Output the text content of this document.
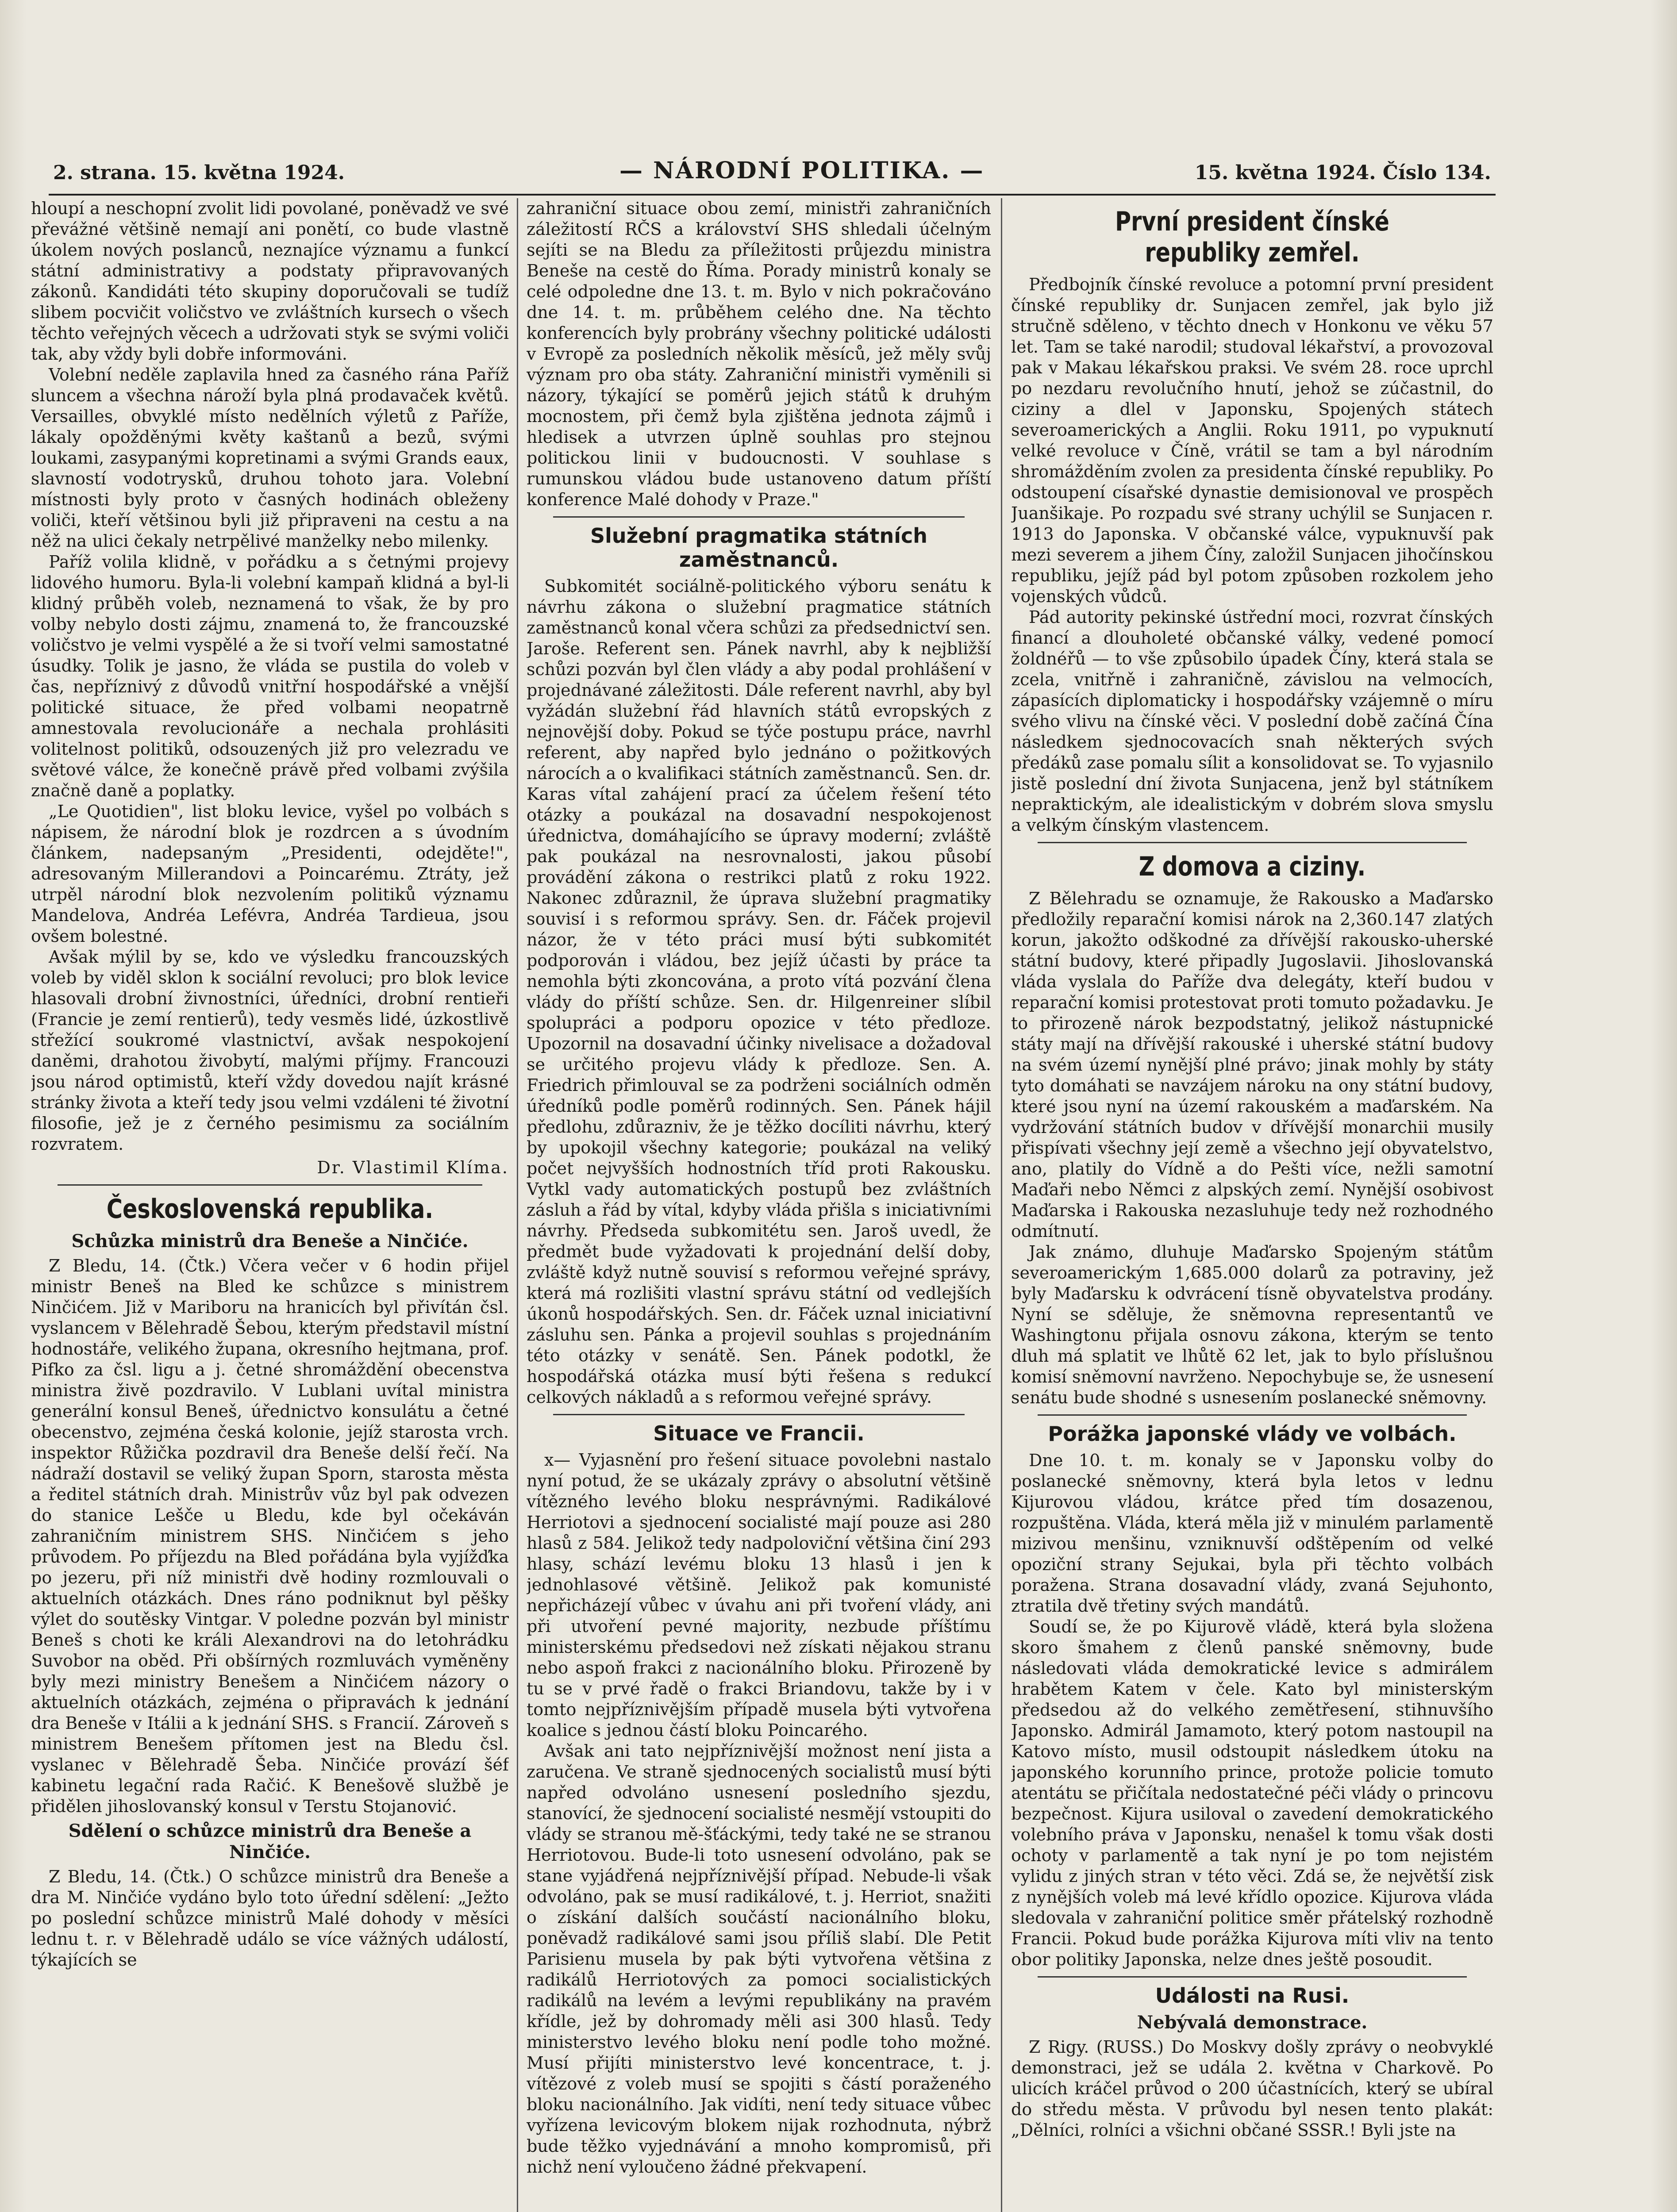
2. strana. 15. května 1924.	— NÁRODNÍ POLITIKA. —	15. května 1924. Číslo 134.

hloupí a neschopní zvolit lidi povolané, poněvadž ve své převážné většině nemají ani ponětí, co bude vlastně úkolem nových poslanců, neznajíce významu a funkcí státní administrativy a podstaty připravovaných zákonů. Kandidáti této skupiny doporučovali se tudíž slibem pocvičit voličstvo ve zvláštních kursech o všech těchto veřejných věcech a udržovati styk se svými voliči tak, aby vždy byli dobře informováni.

Volební neděle zaplavila hned za časného rána Paříž sluncem a všechna nároží byla plná prodavaček květů. Versailles, obvyklé místo nedělních výletů z Paříže, lákaly opožděnými květy kaštanů a bezů, svými loukami, zasypanými kopretinami a svými Grands eaux, slavností vodotrysků, druhou tohoto jara. Volební místnosti byly proto v časných hodinách obleženy voliči, kteří většinou byli již připraveni na cestu a na něž na ulici čekaly netrpělivé manželky nebo milenky.

Paříž volila klidně, v pořádku a s četnými projevy lidového humoru. Byla-li volební kampaň klidná a byl-li klidný průběh voleb, neznamená to však, že by pro volby nebylo dosti zájmu, znamená to, že francouzské voličstvo je velmi vyspělé a že si tvoří velmi samostatné úsudky. Tolik je jasno, že vláda se pustila do voleb v čas, nepříznivý z důvodů vnitřní hospodářské a vnější politické situace, že před volbami neopatrně amnestovala revolucionáře a nechala prohlásiti volitelnost politiků, odsouzených již pro velezradu ve světové válce, že konečně právě před volbami zvýšila značně daně a poplatky.

„Le Quotidien", list bloku levice, vyšel po volbách s nápisem, že národní blok je rozdrcen a s úvodním článkem, nadepsaným „Presidenti, odejděte!", adresovaným Millerandovi a Poincarému. Ztráty, jež utrpěl národní blok nezvolením politiků významu Mandelova, Andréa Lefévra, Andréa Tardieua, jsou ovšem bolestné.

Avšak mýlil by se, kdo ve výsledku francouzských voleb by viděl sklon k sociální revoluci; pro blok levice hlasovali drobní živnostníci, úředníci, drobní rentieři (Francie je zemí rentierů), tedy vesměs lidé, úzkostlivě střežící soukromé vlastnictví, avšak nespokojení daněmi, drahotou živobytí, malými příjmy. Francouzi jsou národ optimistů, kteří vždy dovedou najít krásné stránky života a kteří tedy jsou velmi vzdáleni té životní filosofie, jež je z černého pesimismu za sociálním rozvratem.

Dr. Vlastimil Klíma.
Československá republika.
Schůzka ministrů dra Beneše a Ninčiće.

Z Bledu, 14. (Čtk.) Včera večer v 6 hodin přijel ministr Beneš na Bled ke schůzce s ministrem Ninčićem. Již v Mariboru na hranicích byl přivítán čsl. vyslancem v Bělehradě Šebou, kterým představil místní hodnostáře, velikého župana, okresního hejtmana, prof. Pifko za čsl. ligu a j. četné shromáždění obecenstva ministra živě pozdravilo. V Lublani uvítal ministra generální konsul Beneš, úřednictvo konsulátu a četné obecenstvo, zejména česká kolonie, jejíž starosta vrch. inspektor Růžička pozdravil dra Beneše delší řečí. Na nádraží dostavil se veliký župan Sporn, starosta města a ředitel státních drah. Ministrův vůz byl pak odvezen do stanice Lešče u Bledu, kde byl očekáván zahraničním ministrem SHS. Ninčićem s jeho průvodem. Po příjezdu na Bled pořádána byla vyjížďka po jezeru, při níž ministři dvě hodiny rozmlouvali o aktuelních otázkách. Dnes ráno podniknut byl pěšky výlet do soutěsky Vintgar. V poledne pozván byl ministr Beneš s choti ke králi Alexandrovi na do letohrádku Suvobor na oběd. Při obšírných rozmluvách vyměněny byly mezi ministry Benešem a Ninčićem názory o aktuelních otázkách, zejména o připravách k jednání dra Beneše v Itálii a k jednání SHS. s Francií. Zároveň s ministrem Benešem přítomen jest na Bledu čsl. vyslanec v Bělehradě Šeba. Ninčiće provází šéf kabinetu legační rada Račić. K Benešově službě je přidělen jihoslovanský konsul v Terstu Stojanović.

Sdělení o schůzce ministrů dra Beneše a Ninčiće.

Z Bledu, 14. (Čtk.) O schůzce ministrů dra Beneše a dra M. Ninčiće vydáno bylo toto úřední sdělení: „Ježto po poslední schůzce ministrů Malé dohody v měsíci lednu t. r. v Bělehradě událo se více vážných událostí, týkajících se

zahraniční situace obou zemí, ministři zahraničních záležitostí RČS a království SHS shledali účelným sejíti se na Bledu za příležitosti průjezdu ministra Beneše na cestě do Říma. Porady ministrů konaly se celé odpoledne dne 13. t. m. Bylo v nich pokračováno dne 14. t. m. průběhem celého dne. Na těchto konferencích byly probrány všechny politické události v Evropě za posledních několik měsíců, jež měly svůj význam pro oba státy. Zahraniční ministři vyměnili si názory, týkající se poměrů jejich států k druhým mocnostem, při čemž byla zjištěna jednota zájmů i hledisek a utvrzen úplně souhlas pro stejnou politickou linii v budoucnosti. V souhlase s rumunskou vládou bude ustanoveno datum příští konference Malé dohody v Praze."

Služební pragmatika státních zaměstnanců.

Subkomitét sociálně-politického výboru senátu k návrhu zákona o služební pragmatice státních zaměstnanců konal včera schůzi za předsednictví sen. Jaroše. Referent sen. Pánek navrhl, aby k nejbližší schůzi pozván byl člen vlády a aby podal prohlášení v projednávané záležitosti. Dále referent navrhl, aby byl vyžádán služební řád hlavních států evropských z nejnovější doby. Pokud se týče postupu práce, navrhl referent, aby napřed bylo jednáno o požitkových nárocích a o kvalifikaci státních zaměstnanců. Sen. dr. Karas vítal zahájení prací za účelem řešení této otázky a poukázal na dosavadní nespokojenost úřednictva, domáhajícího se úpravy moderní; zvláště pak poukázal na nesrovnalosti, jakou působí provádění zákona o restrikci platů z roku 1922. Nakonec zdůraznil, že úprava služební pragmatiky souvisí i s reformou správy. Sen. dr. Fáček projevil názor, že v této práci musí býti subkomitét podporován i vládou, bez jejíž účasti by práce ta nemohla býti zkoncována, a proto vítá pozvání člena vlády do příští schůze. Sen. dr. Hilgenreiner slíbil spolupráci a podporu opozice v této předloze. Upozornil na dosavadní účinky nivelisace a dožadoval se určitého projevu vlády k předloze. Sen. A. Friedrich přimlouval se za podrženi sociálních odměn úředníků podle poměrů rodinných. Sen. Pánek hájil předlohu, zdůrazniv, že je těžko docíliti návrhu, který by upokojil všechny kategorie; poukázal na veliký počet nejvyšších hodnostních tříd proti Rakousku. Vytkl vady automatických postupů bez zvláštních zásluh a řád by vítal, kdyby vláda přišla s iniciativními návrhy. Předseda subkomitétu sen. Jaroš uvedl, že předmět bude vyžadovati k projednání delší doby, zvláště když nutně souvisí s reformou veřejné správy, která má rozlišiti vlastní správu státní od vedlejších úkonů hospodářských. Sen. dr. Fáček uznal iniciativní zásluhu sen. Pánka a projevil souhlas s projednáním této otázky v senátě. Sen. Pánek podotkl, že hospodářská otázka musí býti řešena s redukcí celkových nákladů a s reformou veřejné správy.

Situace ve Francii.

x— Vyjasnění pro řešení situace povolebni nastalo nyní potud, že se ukázaly zprávy o absolutní většině vítězného levého bloku nesprávnými. Radikálové Herriotovi a sjednocení socialisté mají pouze asi 280 hlasů z 584. Jelikož tedy nadpoloviční většina činí 293 hlasy, schází levému bloku 13 hlasů i jen k jednohlasové většině. Jelikož pak komunisté nepřicházejí vůbec v úvahu ani při tvoření vlády, ani při utvoření pevné majority, nezbude příštímu ministerskému předsedovi než získati nějakou stranu nebo aspoň frakci z nacionálního bloku. Přirozeně by tu se v prvé řadě o frakci Briandovu, takže by i v tomto nejpříznivějším případě musela býti vytvořena koalice s jednou částí bloku Poincarého.

Avšak ani tato nejpříznivější možnost není jista a zaručena. Ve straně sjednocených socialistů musí býti napřed odvoláno usnesení posledního sjezdu, stanovící, že sjednocení socialisté nesmějí vstoupiti do vlády se stranou mě-šťáckými, tedy také ne se stranou Herriotovou. Bude-li toto usnesení odvoláno, pak se stane vyjádřená nejpříznivější případ. Nebude-li však odvoláno, pak se musí radikálové, t. j. Herriot, snažiti o získání dalších součástí nacionálního bloku, poněvadž radikálové sami jsou příliš slabí. Dle Petit Parisienu musela by pak býti vytvořena většina z radikálů Herriotových za pomoci socialistických radikálů na levém a levými republikány na pravém křídle, jež by dohromady měli asi 300 hlasů. Tedy ministerstvo levého bloku není podle toho možné. Musí přijíti ministerstvo levé koncentrace, t. j. vítězové z voleb musí se spojiti s částí poraženého bloku nacionálního. Jak vidíti, není tedy situace vůbec vyřízena levicovým blokem nijak rozhodnuta, nýbrž bude těžko vyjednávání a mnoho kompromisů, při nichž není vyloučeno žádné překvapení.

První president čínské republiky zemřel.

Předbojník čínské revoluce a potomní první president čínské republiky dr. Sunjacen zemřel, jak bylo již stručně sděleno, v těchto dnech v Honkonu ve věku 57 let. Tam se také narodil; studoval lékařství, a provozoval pak v Makau lékařskou praksi. Ve svém 28. roce uprchl po nezdaru revolučního hnutí, jehož se zúčastnil, do ciziny a dlel v Japonsku, Spojených státech severoamerických a Anglii. Roku 1911, po vypuknutí velké revoluce v Číně, vrátil se tam a byl národním shromážděním zvolen za presidenta čínské republiky. Po odstoupení císařské dynastie demisionoval ve prospěch Juanšikaje. Po rozpadu své strany uchýlil se Sunjacen r. 1913 do Japonska. V občanské válce, vypuknuvší pak mezi severem a jihem Číny, založil Sunjacen jihočínskou republiku, jejíž pád byl potom způsoben rozkolem jeho vojenských vůdců.

Pád autority pekinské ústřední moci, rozvrat čínských financí a dlouholeté občanské války, vedené pomocí žoldnéřů — to vše způsobilo úpadek Číny, která stala se zcela, vnitřně i zahraničně, závislou na velmocích, zápasících diplomaticky i hospodářsky vzájemně o míru svého vlivu na čínské věci. V poslední době začíná Čína následkem sjednocovacích snah některých svých předáků zase pomalu sílit a konsolidovat se. To vyjasnilo jistě poslední dní života Sunjacena, jenž byl státníkem nepraktickým, ale idealistickým v dobrém slova smyslu a velkým čínským vlastencem.

Z domova a ciziny.

Z Bělehradu se oznamuje, že Rakousko a Maďarsko předložily reparační komisi nárok na 2,360.147 zlatých korun, jakožto odškodné za dřívější rakousko-uherské státní budovy, které připadly Jugoslavii. Jihoslovanská vláda vyslala do Paříže dva delegáty, kteří budou v reparační komisi protestovat proti tomuto požadavku. Je to přirozeně nárok bezpodstatný, jelikož nástupnické státy mají na dřívější rakouské i uherské státní budovy na svém území nynější plné právo; jinak mohly by státy tyto domáhati se navzájem nároku na ony státní budovy, které jsou nyní na území rakouském a maďarském. Na vydržování státních budov v dřívější monarchii musily přispívati všechny její země a všechno její obyvatelstvo, ano, platily do Vídně a do Pešti více, nežli samotní Maďaři nebo Němci z alpských zemí. Nynější osobivost Maďarska i Rakouska nezasluhuje tedy než rozhodného odmítnutí.

Jak známo, dluhuje Maďarsko Spojeným státům severoamerickým 1,685.000 dolarů za potraviny, jež byly Maďarsku k odvrácení tísně obyvatelstva prodány. Nyní se sděluje, že sněmovna representantů ve Washingtonu přijala osnovu zákona, kterým se tento dluh má splatit ve lhůtě 62 let, jak to bylo příslušnou komisí sněmovní navrženo. Nepochybuje se, že usnesení senátu bude shodné s usnesením poslanecké sněmovny.

Porážka japonské vlády ve volbách.

Dne 10. t. m. konaly se v Japonsku volby do poslanecké sněmovny, která byla letos v lednu Kijurovou vládou, krátce před tím dosazenou, rozpuštěna. Vláda, která měla již v minulém parlamentě mizivou menšinu, vzniknuvší odštěpením od velké opoziční strany Sejukai, byla při těchto volbách poražena. Strana dosavadní vlády, zvaná Sejuhonto, ztratila dvě třetiny svých mandátů.

Soudí se, že po Kijurově vládě, která byla složena skoro šmahem z členů panské sněmovny, bude následovati vláda demokratické levice s admirálem hrabětem Katem v čele. Kato byl ministerským předsedou až do velkého zemětřesení, stihnuvšího Japonsko. Admirál Jamamoto, který potom nastoupil na Katovo místo, musil odstoupit následkem útoku na japonského korunního prince, protože policie tomuto atentátu se přičítala nedostatečné péči vlády o princovu bezpečnost. Kijura usiloval o zavedení demokratického volebního práva v Japonsku, nenašel k tomu však dosti ochoty v parlamentě a tak nyní je po tom nejistém vylidu z jiných stran v této věci. Zdá se, že největší zisk z nynějších voleb má levé křídlo opozice. Kijurova vláda sledovala v zahraniční politice směr přátelský rozhodně Francii. Pokud bude porážka Kijurova míti vliv na tento obor politiky Japonska, nelze dnes ještě posoudit.

Události na Rusi.
Nebývalá demonstrace.

Z Rigy. (RUSS.) Do Moskvy došly zprávy o neobvyklé demonstraci, jež se udála 2. května v Charkově. Po ulicích kráčel průvod o 200 účastnících, který se ubíral do středu města. V průvodu byl nesen tento plakát: „Dělníci, rolníci a všichni občané SSSR.! Byli jste na
